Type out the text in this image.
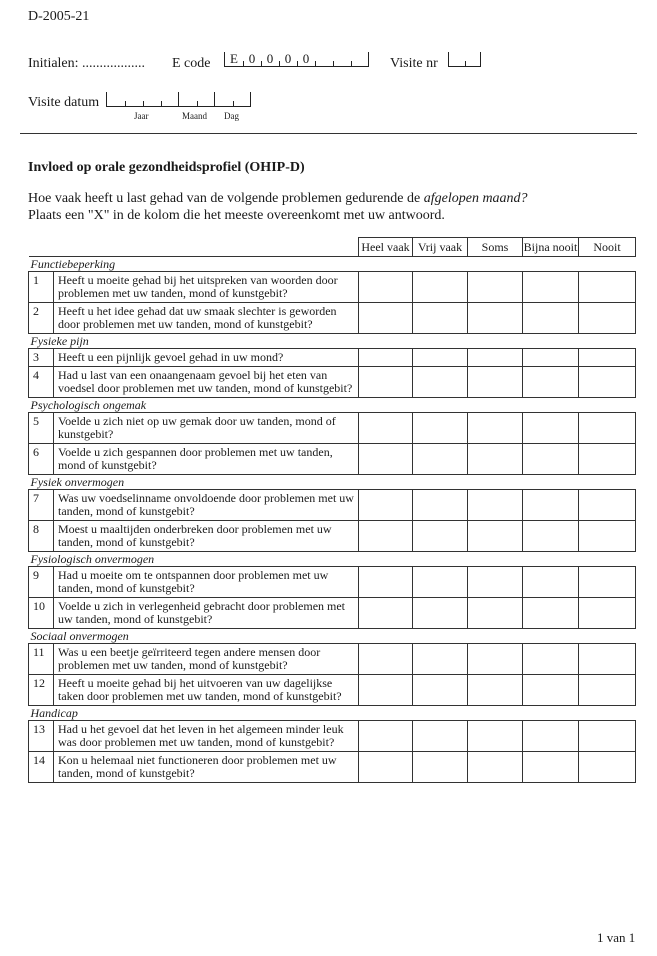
D-2005-21
Initialen: .................. E code	E 0 0 0 0	Visite nr
Visite datum
Jaar	Maand Dag
Invloed op orale gezondheidsprofiel (OHIP-D)
Hoe vaak heeft u last gehad van de volgende problemen gedurende de afgelopen maand?
Plaats een "X" in de kolom die het meeste overeenkomt met uw antwoord.
		Heel vaak	Vrij vaak	Soms	Bijna nooit	Nooit
Functiebeperking						
1	Heeft u moeite gehad bij het uitspreken van woorden door problemen met uw tanden, mond of kunstgebit?					
2	Heeft u het idee gehad dat uw smaak slechter is geworden door problemen met uw tanden, mond of kunstgebit?					
Fysieke pijn						
3	Heeft u een pijnlijk gevoel gehad in uw mond?					
4	Had u last van een onaangenaam gevoel bij het eten van voedsel door problemen met uw tanden, mond of kunstgebit?					
Psychologisch ongemak						
5	Voelde u zich niet op uw gemak door uw tanden, mond of kunstgebit?					
6	Voelde u zich gespannen door problemen met uw tanden, mond of kunstgebit?					
Fysiek onvermogen						
7	Was uw voedselinname onvoldoende door problemen met uw tanden, mond of kunstgebit?					
8	Moest u maaltijden onderbreken door problemen met uw tanden, mond of kunstgebit?					
Fysiologisch onvermogen						
9	Had u moeite om te ontspannen door problemen met uw tanden, mond of kunstgebit?					
10	Voelde u zich in verlegenheid gebracht door problemen met uw tanden, mond of kunstgebit?					
Sociaal onvermogen						
11	Was u een beetje geïrriteerd tegen andere mensen door problemen met uw tanden, mond of kunstgebit?					
12	Heeft u moeite gehad bij het uitvoeren van uw dagelijkse taken door problemen met uw tanden, mond of kunstgebit?					
Handicap						
13	Had u het gevoel dat het leven in het algemeen minder leuk was door problemen met uw tanden, mond of kunstgebit?					
14	Kon u helemaal niet functioneren door problemen met uw tanden, mond of kunstgebit?					
1 van 1
